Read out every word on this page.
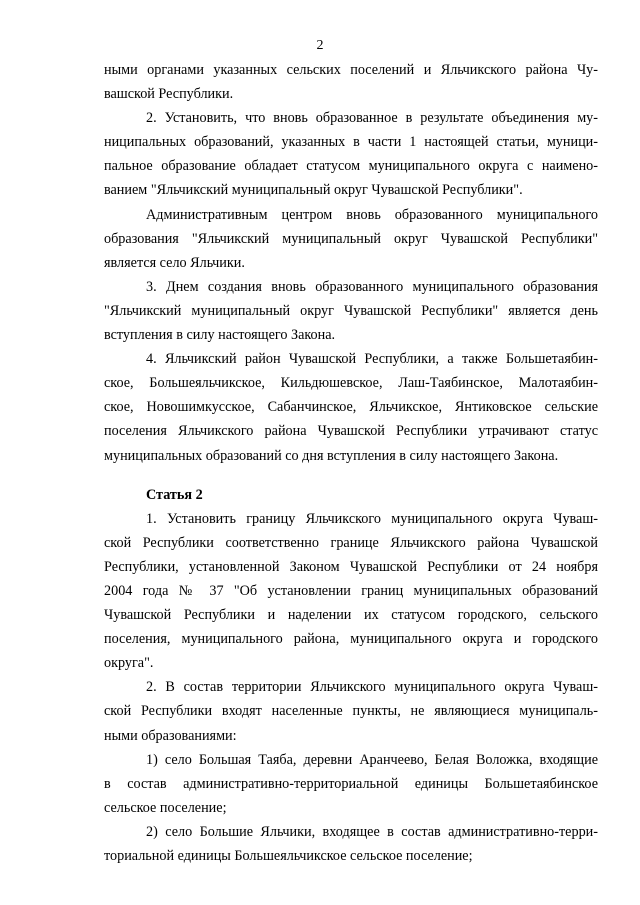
2

ными органами указанных сельских поселений и Яльчикского района Чу-
вашской Республики.

2. Установить, что вновь образованное в результате объединения му-
ниципальных образований, указанных в части 1 настоящей статьи, муници-
пальное образование обладает статусом муниципального округа с наимено-
ванием "Яльчикский муниципальный округ Чувашской Республики".

Административным центром вновь образованного муниципального
образования "Яльчикский муниципальный округ Чувашской Республики"
является село Яльчики.

3. Днем создания вновь образованного муниципального образования
"Яльчикский муниципальный округ Чувашской Республики" является день
вступления в силу настоящего Закона.

4. Яльчикский район Чувашской Республики, а также Большетаябин-
ское, Большеяльчикское, Кильдюшевское, Лаш-Таябинское, Малотаябин-
ское, Новошимкусское, Сабанчинское, Яльчикское, Янтиковское сельские
поселения Яльчикского района Чувашской Республики утрачивают статус
муниципальных образований со дня вступления в силу настоящего Закона.

Статья 2

1. Установить границу Яльчикского муниципального округа Чуваш-
ской Республики соответственно границе Яльчикского района Чувашской
Республики, установленной Законом Чувашской Республики от 24 ноября
2004 года № 37 "Об установлении границ муниципальных образований
Чувашской Республики и наделении их статусом городского, сельского
поселения, муниципального района, муниципального округа и городского
округа".

2. В состав территории Яльчикского муниципального округа Чуваш-
ской Республики входят населенные пункты, не являющиеся муниципаль-
ными образованиями:

1) село Большая Таяба, деревни Аранчеево, Белая Воложка, входящие
в состав административно-территориальной единицы Большетаябинское
сельское поселение;

2) село Большие Яльчики, входящее в состав административно-терри-
ториальной единицы Большеяльчикское сельское поселение;
